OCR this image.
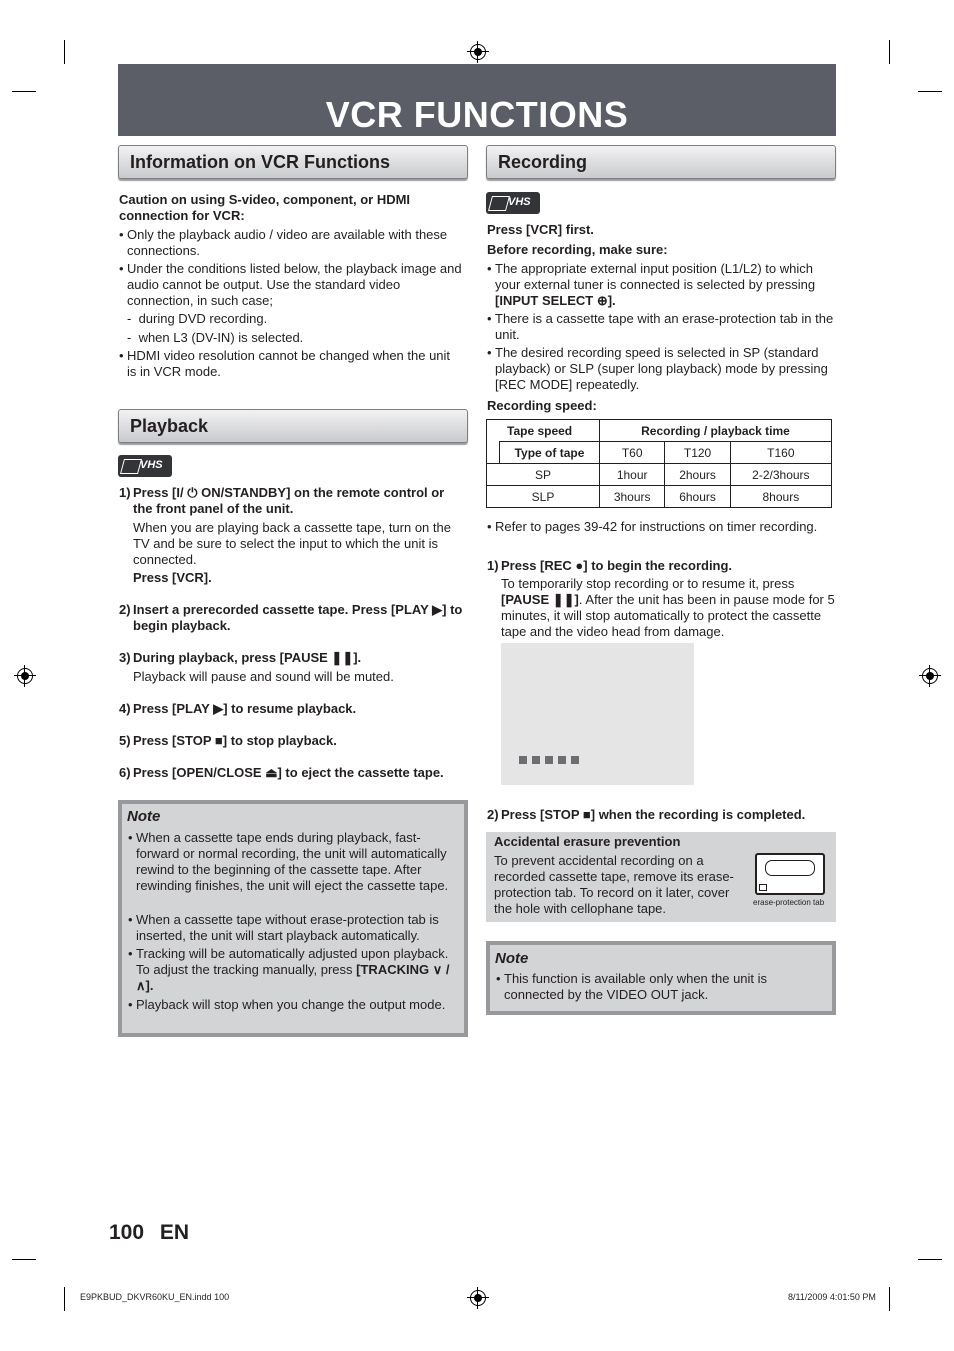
VCR FUNCTIONS
Information on VCR Functions
Caution on using S-video, component, or HDMI connection for VCR:
• Only the playback audio / video are available with these connections.
• Under the conditions listed below, the playback image and audio cannot be output. Use the standard video connection, in such case;
-  during DVD recording.
-  when L3 (DV-IN) is selected.
• HDMI video resolution cannot be changed when the unit is in VCR mode.
Playback
VHS
1) Press [I/ ⏻ ON/STANDBY] on the remote control or the front panel of the unit.
When you are playing back a cassette tape, turn on the TV and be sure to select the input to which the unit is connected.
Press [VCR].
2) Insert a prerecorded cassette tape. Press [PLAY ▶] to begin playback.
3) During playback, press [PAUSE ❚❚].
Playback will pause and sound will be muted.
4) Press [PLAY ▶] to resume playback.
5) Press [STOP ■] to stop playback.
6) Press [OPEN/CLOSE ⏏] to eject the cassette tape.
Note
• When a cassette tape ends during playback, fast-forward or normal recording, the unit will automatically rewind to the beginning of the cassette tape. After rewinding finishes, the unit will eject the cassette tape.
• When a cassette tape without erase-protection tab is inserted, the unit will start playback automatically.
• Tracking will be automatically adjusted upon playback. To adjust the tracking manually, press [TRACKING ∨ / ∧].
• Playback will stop when you change the output mode.
Recording
VHS
Press [VCR] first.
Before recording, make sure:
• The appropriate external input position (L1/L2) to which your external tuner is connected is selected by pressing [INPUT SELECT ⊕].
• There is a cassette tape with an erase-protection tab in the unit.
• The desired recording speed is selected in SP (standard playback) or SLP (super long playback) mode by pressing [REC MODE] repeatedly.
Recording speed:
Tape speed		Recording / playback time		
	Type of tape	T60	T120	T160
SP		1hour	2hours	2-2/3hours
SLP		3hours	6hours	8hours
• Refer to pages 39-42 for instructions on timer recording.
1) Press [REC ●] to begin the recording.
To temporarily stop recording or to resume it, press [PAUSE ❚❚]. After the unit has been in pause mode for 5 minutes, it will stop automatically to protect the cassette tape and the video head from damage.
2) Press [STOP ■] when the recording is completed.
Accidental erasure prevention
To prevent accidental recording on a recorded cassette tape, remove its erase-protection tab. To record on it later, cover the hole with cellophane tape.	erase-protection tab
Note
• This function is available only when the unit is connected by the VIDEO OUT jack.
100 EN
E9PKBUD_DKVR60KU_EN.indd 100	8/11/2009 4:01:50 PM
